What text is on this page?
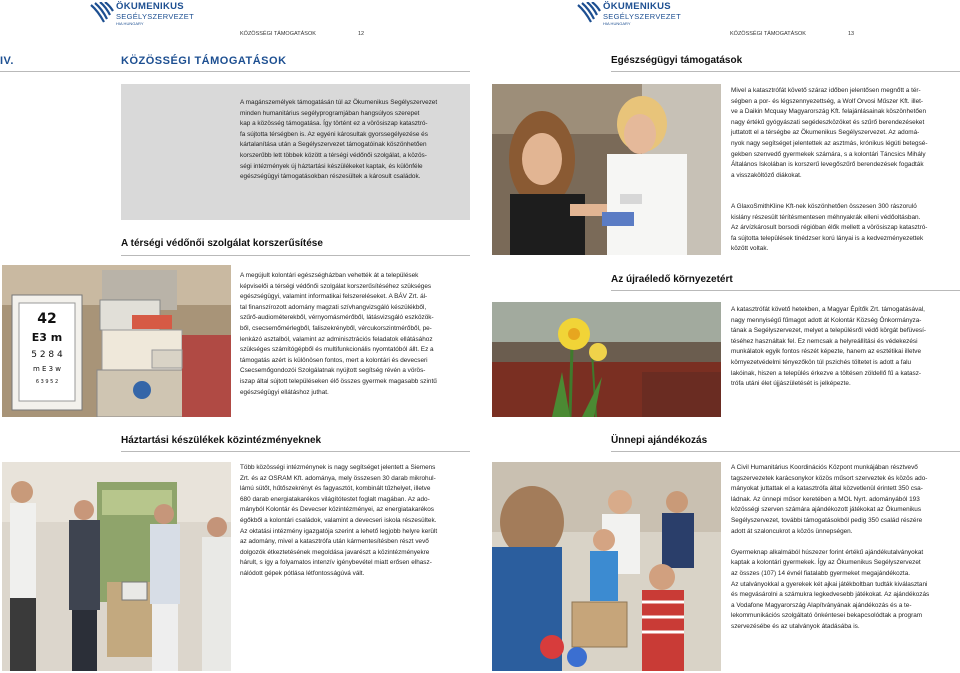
ÖKUMENIKUS
SEGÉLYSZERVEZET
HIA HUNGARY
KÖZÖSSÉGI TÁMOGATÁSOK	12
IV.	KÖZÖSSÉGI TÁMOGATÁSOK
A magánszemélyek támogatásán túl az Ökumenikus Segélyszervezet
minden humanitárius segélyprogramjában hangsúlyos szerepet
kap a közösség támogatása. Így történt ez a vörösiszap katasztró-
fa sújtotta térségben is. Az egyéni károsultak gyorssegélyezése és
kártalanítása után a Segélyszervezet támogatóinak köszönhetően
korszerűbb lett többek között a térségi védőnői szolgálat, a közös-
ségi intézmények új háztartási készülékeket kaptak, és különféle
egészségügyi támogatásokban részesültek a károsult családok.
A térségi védőnői szolgálat korszerűsítése
42
E3 m
5 2 8 4
m E 3 w
6 3 9 5 2
A megújult kolontári egészségházban vehették át a települések
képviselői a térségi védőnői szolgálat korszerűsítéséhez szükséges
egészségügyi, valamint informatikai felszereléseket. A BÁV Zrt. ál-
tal finanszírozott adomány magzati szívhangvizsgáló készülékből,
szűrő-audiométerekből, vérnyomásmérőből, látásvizsgáló eszközök-
ből, csecsemőmérlegből, faliszekrényből, vércukorszintmérőből, pe-
lenkázó asztalból, valamint az adminisztrációs feladatok ellátásához
szükséges számítógépből és multifunkcionális nyomtatóból állt. Ez a
támogatás azért is különösen fontos, mert a kolontári és devecseri
Csecsemőgondozói Szolgálatnak nyújtott segítség révén a vörös-
iszap által sújtott településeken élő összes gyermek magasabb szintű
egészségügyi ellátáshoz juthat.
Háztartási készülékek közintézményeknek
Több közösségi intézménynek is nagy segítséget jelentett a Siemens
Zrt. és az OSRAM Kft. adománya, mely összesen 30 darab mikrohul-
lámú sütőt, hűtőszekrényt és fagyasztót, kombinált tűzhelyet, illetve
680 darab energiatakarékos világítótestet foglalt magában. Az ado-
mányból Kolontár és Devecser közintézményei, az energiatakarékos
égőkből a kolontári családok, valamint a devecseri iskola részesültek.
Az oktatási intézmény igazgatója szerint a lehető legjobb helyre került
az adomány, mivel a katasztrófa után kármentesítésben részt vevő
dolgozók étkeztetésének megoldása javarészt a közintézményekre
hárult, s így a folyamatos intenzív igénybevétel miatt erősen elhasz-
nálódott gépek pótlása létfontosságúvá vált.
ÖKUMENIKUS
SEGÉLYSZERVEZET
HIA HUNGARY
KÖZÖSSÉGI TÁMOGATÁSOK	13
Egészségügyi támogatások
Mivel a katasztrófát követő száraz időben jelentősen megnőtt a tér-
ségben a por- és légszennyezettség, a Wolf Orvosi Műszer Kft. illet-
ve a Daikin Mcquay Magyarország Kft. felajánlásainak köszönhetően
nagy értékű gyógyászati segédeszközöket és szűrő berendezéseket
juttatott el a térségbe az Ökumenikus Segélyszervezet. Az adomá-
nyok nagy segítséget jelentettek az asztmás, krónikus légúti betegsé-
gekben szenvedő gyermekek számára, s a kolontári Táncsics Mihály
Általános Iskolában is korszerű levegőszűrő berendezések fogadták
a visszaköltöző diákokat.
A GlaxoSmithKline Kft-nek köszönhetően összesen 300 rászorulό
kislány részesült térítésmentesen méhnyakrák elleni védőoltásban.
Az árvízkárosult borsodi régióban élők mellett a vörösiszap katasztró-
fa sújtotta települések tinédzser korú lányai is a kedvezményezettek
között voltak.
Az újraéledő környezetért
A katasztrófát követő hetekben, a Magyar Építők Zrt. támogatásával,
nagy mennyiségű fűmagot adott át Kolontár Község Önkormányza-
tának a Segélyszervezet, melyet a településről védő körgát befüvesí-
téséhez használtak fel. Ez nemcsak a helyreállítási és védekezési
munkálatok egyik fontos részét képezte, hanem az esztétikai illetve
környezetvédelmi tényezőkön túl pszichés töltetet is adott a falu
lakóinak, hiszen a település érkezve a töltésen zöldellő fű a katasz-
trófa utáni élet újjászületését is jelképezte.
Ünnepi ajándékozás
A Civil Humanitárius Koordinációs Központ munkájában résztvevő
tagszervezetek karácsonykor közös műsort szerveztek és közös ado-
mányokat juttattak el a katasztrófa által közvetlenül érintett 350 csa-
ládnak. Az ünnepi műsor keretében a MOL Nyrt. adományából 193
közösségi szerven számára ajándékozott játékokat az Ökumenikus
Segélyszervezet, további támogatásokból pedig 350 család részére
adott át szaloncukrot a közös ünnepségen.

Gyermeknap alkalmából húszezer forint értékű ajándékutalványokat
kaptak a kolontári gyermekek. Így az Ökumenikus Segélyszervezet
az összes (107) 14 évnél fiatalabb gyermeket megajándékozta.
Az utalványokkal a gyerekek két ajkai játékboltban tudták kiválasztani
és megvásárolni a számukra legkedvesebb játékokat. Az ajándékozás
a Vodafone Magyarország Alapítványának ajándékozás és a te-
lekommunikációs szolgáltató önkéntesei bekapcsolódtak a program
szervezésébe és az utalványok átadásába is.
